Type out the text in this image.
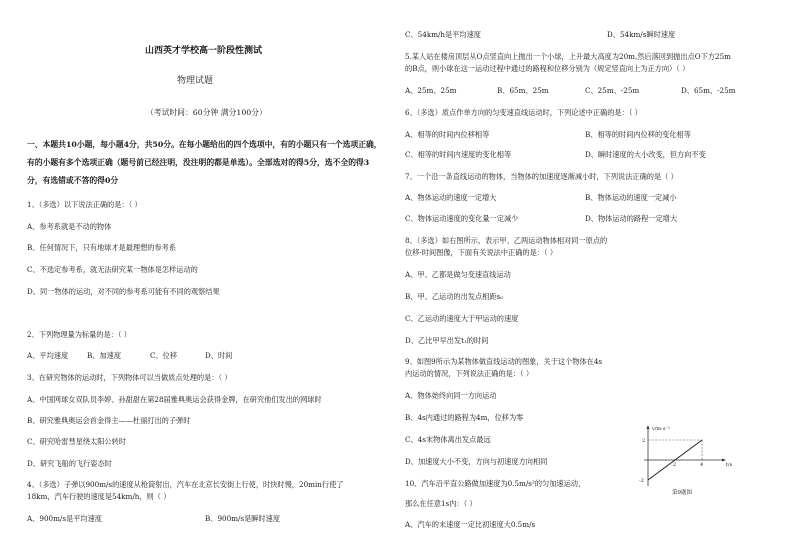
山西英才学校高一阶段性测试
物理试题
（考试时间：60分钟 满分100分）
一、本题共10小题，每小题4分，共50分。在每小题给出的四个选项中，有的小题只有一个选项正确，
有的小题有多个选项正确（题号前已经注明，没注明的都是单选）。全部选对的得5分，选不全的得3
分，有选错或不答的得0分
1、（多选）以下说法正确的是：（ ）
A、参考系就是不动的物体
B、任何情况下，只有地球才是最理想的参考系
C、不选定参考系，就无法研究某一物体是怎样运动的
D、同一物体的运动，对不同的参考系可能有不同的观察结果
2、下列物理量为标量的是：（ ）
A、平均速度	B、加速度	C、位移	D、时间
3、在研究物体的运动时，下列物体可以当做质点处理的是：（ ）
A、中国网球女双队员李婷、孙甜甜在第28届雅典奥运会获得金牌，在研究他们发出的网球时
B、研究雅典奥运会首金得主——杜丽打出的子弹时
C、研究哈雷彗星绕太阳公转时
D、研究飞船的飞行姿态时
4、（多选）子弹以900m/s的速度从枪筒射出，汽车在北京长安街上行使，时快时慢，20min行使了
18km，汽车行驶的速度是54km/h，则（ ）
A、900m/s是平均速度	B、900m/s是瞬时速度
C、54km/h是平均速度	D、54km/s瞬时速度
5.某人站在楼房顶层从O点竖直向上抛出一个小球，上升最大高度为20m,然后落回到抛出点O下方25m
的B点，则小球在这一运动过程中通过的路程和位移分别为（规定竖直向上为正方向）（ ）
A、25m、25m	B、65m、25m	C、25m、-25m	D、65m、-25m
6、（多选）质点作单方向的匀变速直线运动时，下列论述中正确的是：（ ）
A、相等的时间内位移相等	B、相等的时间内位移的变化相等
C、相等的时间内速度的变化相等	D、瞬时速度的大小改变，但方向不变
7、一个沿一条直线运动的物体，当物体的加速度逐渐减小时，下列说法正确的是（ ）
A、物体运动的速度一定增大	B、物体运动的速度一定减小
C、物体运动速度的变化量一定减少	D、物体运动的路程一定增大
8、（多选）如右图所示，表示甲、乙两运动物体相对同一原点的
位移-时间图像，下面有关说法中正确的是：（ ）
A、甲、乙都是做匀变速直线运动
B、甲、乙运动的出发点相距s₀
C、乙运动的速度大于甲运动的速度
D、乙比甲早出发t₁的时间
9、如图9所示为某物体做直线运动的图象，关于这个物体在4s
内运动的情况，下列说法正确的是：（ ）
A、物体始终向同一方向运动
B、4s内通过的路程为4m，位移为零
C、4s末物体离出发点最远
D、加速度大小不变，方向与初速度方向相同
10、汽车沿平直公路做加速度为0.5m/s²的匀加速运动，
那么在任意1s内：（ ）
A、汽车的末速度一定比初速度大0.5m/s
v/m·s⁻¹
t/s
2	4
2
-2
第9题图
